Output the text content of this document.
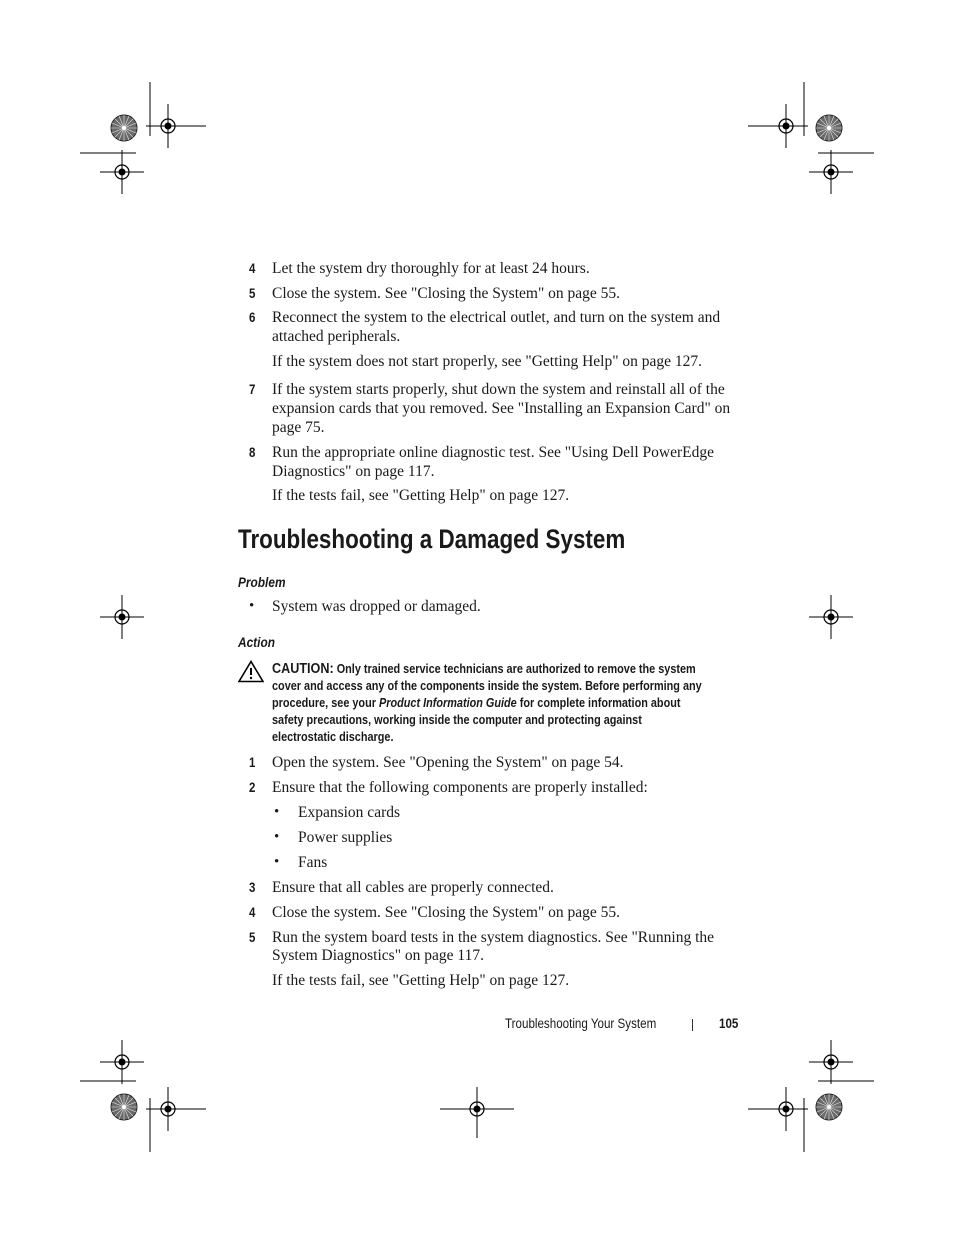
4 Let the system dry thoroughly for at least 24 hours.
5 Close the system. See "Closing the System" on page 55.
6 Reconnect the system to the electrical outlet, and turn on the system and
attached peripherals.
If the system does not start properly, see "Getting Help" on page 127.
7 If the system starts properly, shut down the system and reinstall all of the
expansion cards that you removed. See "Installing an Expansion Card" on
page 75.
8 Run the appropriate online diagnostic test. See "Using Dell PowerEdge
Diagnostics" on page 117.
If the tests fail, see "Getting Help" on page 127.
Troubleshooting a Damaged System
Problem
• System was dropped or damaged.
Action
CAUTION: Only trained service technicians are authorized to remove the system
cover and access any of the components inside the system. Before performing any
procedure, see your Product Information Guide for complete information about
safety precautions, working inside the computer and protecting against
electrostatic discharge.
1 Open the system. See "Opening the System" on page 54.
2 Ensure that the following components are properly installed:
• Expansion cards
• Power supplies
• Fans
3 Ensure that all cables are properly connected.
4 Close the system. See "Closing the System" on page 55.
5 Run the system board tests in the system diagnostics. See "Running the
System Diagnostics" on page 117.
If the tests fail, see "Getting Help" on page 127.
Troubleshooting Your System	105
